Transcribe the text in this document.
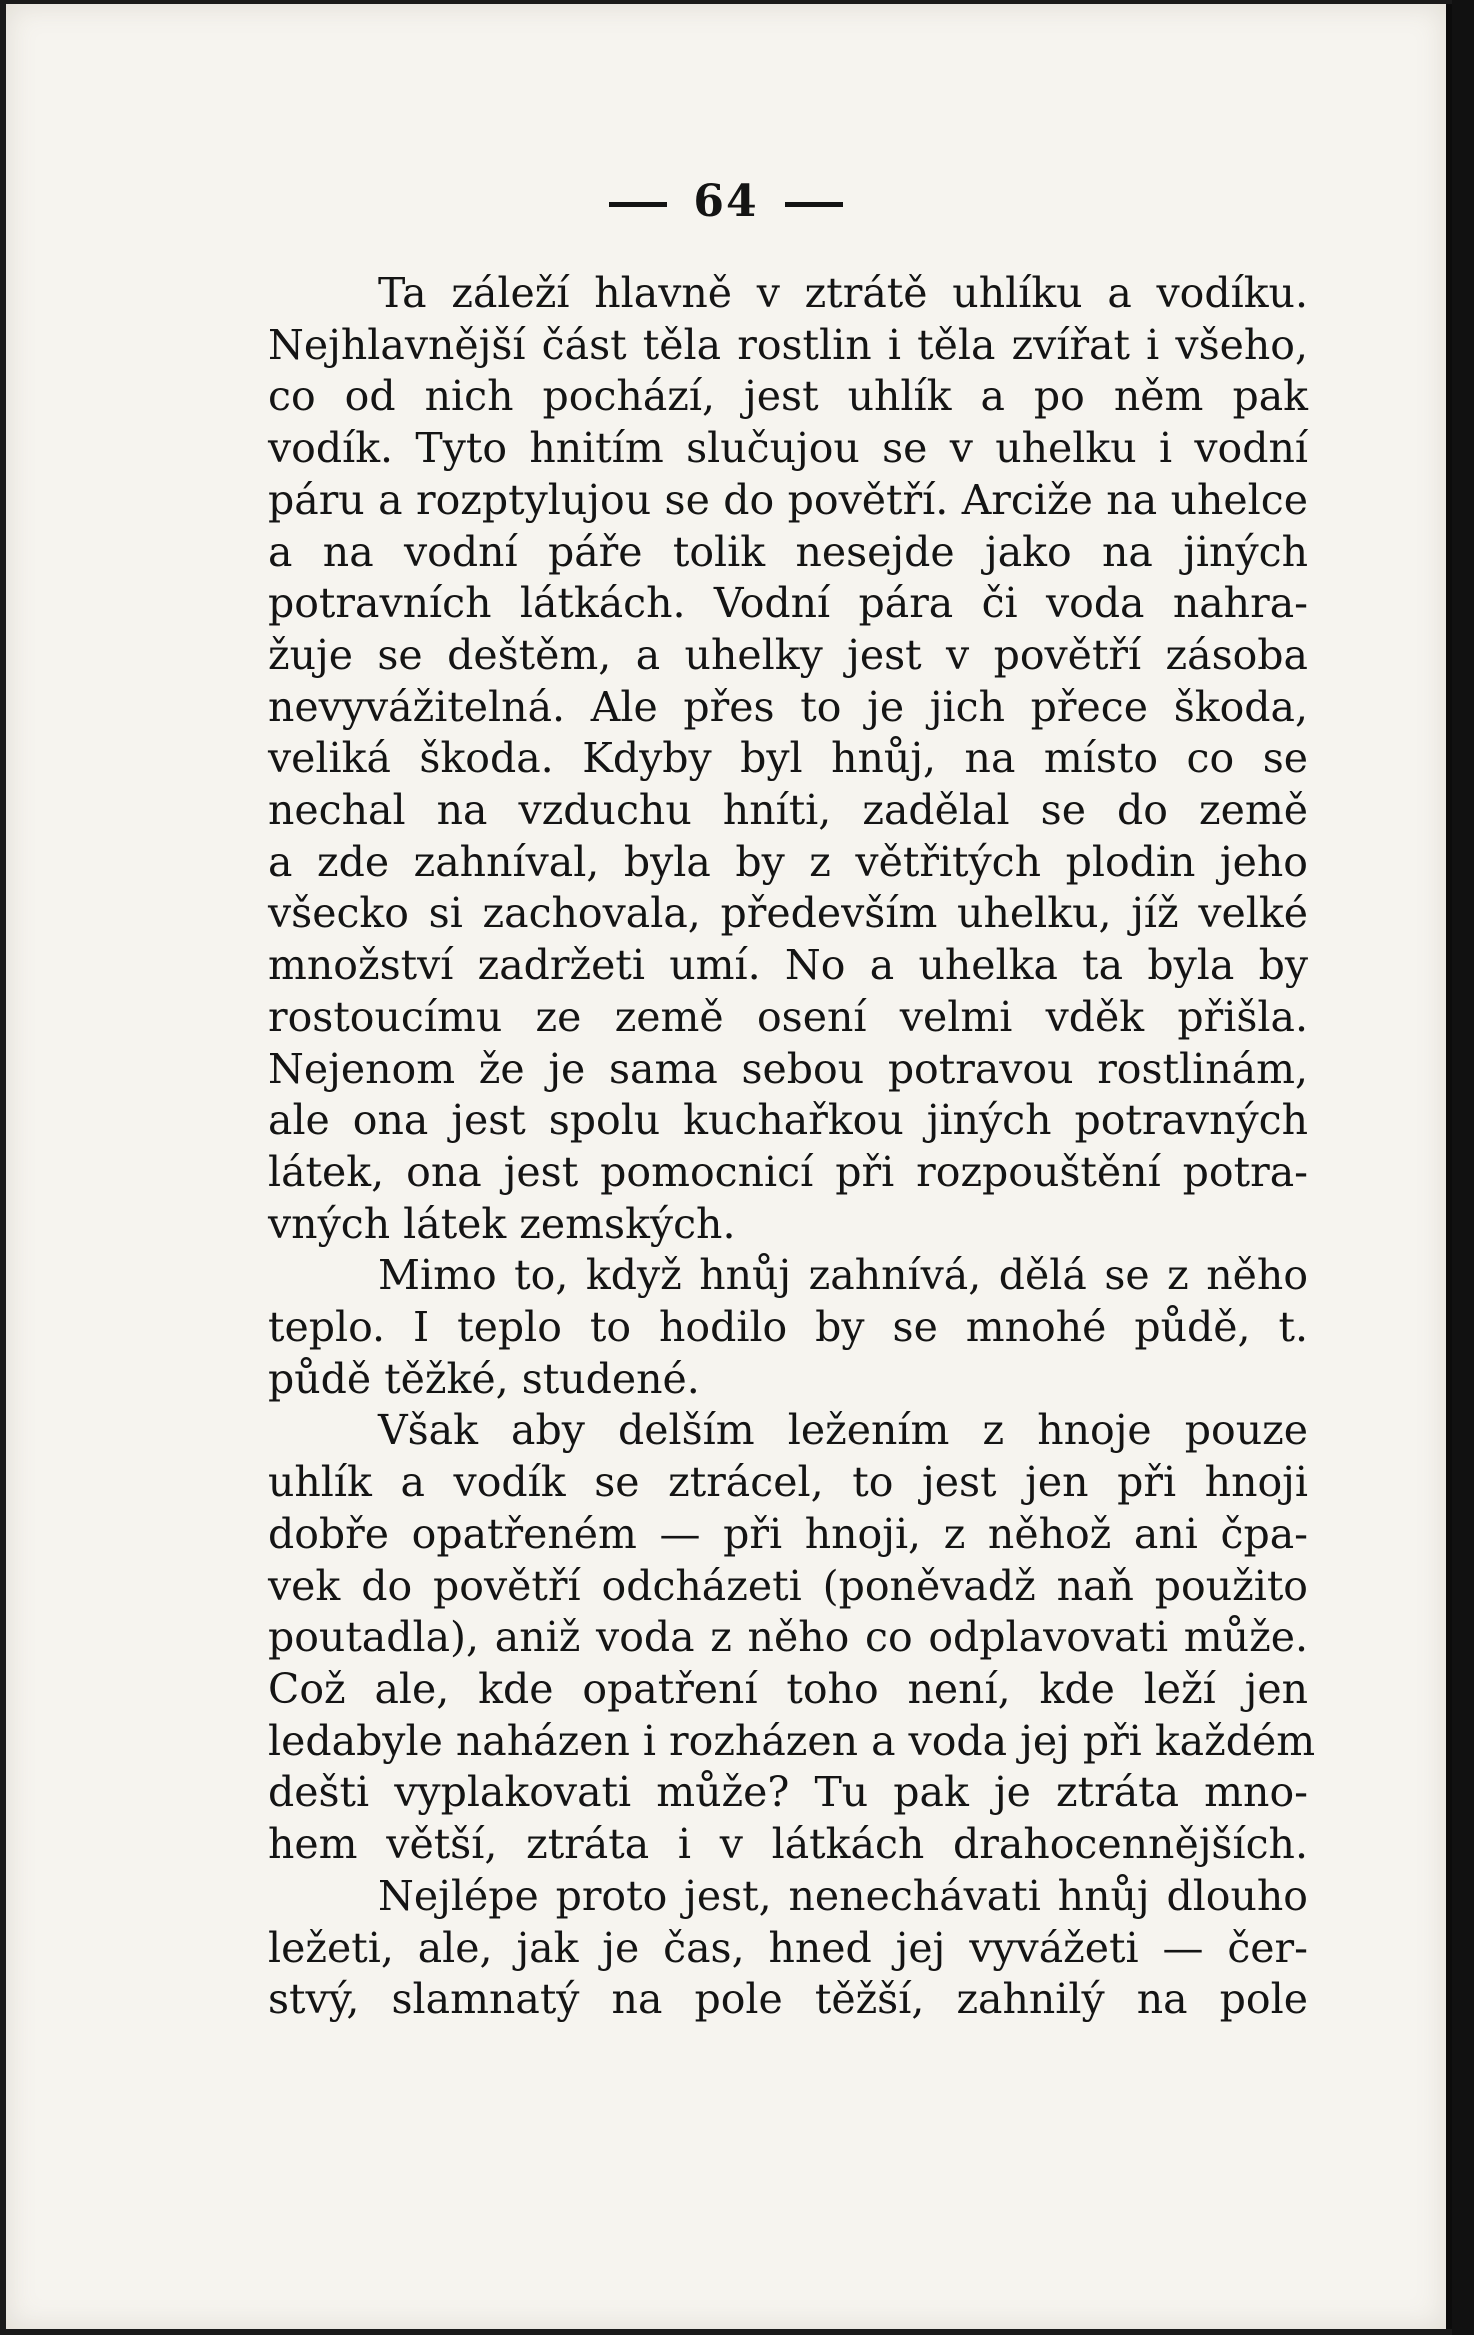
64
Ta záleží hlavně v ztrátě uhlíku a vodíku.
Nejhlavnější část těla rostlin i těla zvířat i všeho,
co od nich pochází, jest uhlík a po něm pak
vodík. Tyto hnitím slučujou se v uhelku i vodní
páru a rozptylujou se do povětří. Arciže na uhelce
a na vodní páře tolik nesejde jako na jiných
potravních látkách. Vodní pára či voda nahra-
žuje se deštěm, a uhelky jest v povětří zásoba
nevyvážitelná. Ale přes to je jich přece škoda,
veliká škoda. Kdyby byl hnůj, na místo co se
nechal na vzduchu hníti, zadělal se do země
a zde zahníval, byla by z větřitých plodin jeho
všecko si zachovala, především uhelku, jíž velké
množství zadržeti umí. No a uhelka ta byla by
rostoucímu ze země osení velmi vděk přišla.
Nejenom že je sama sebou potravou rostlinám,
ale ona jest spolu kuchařkou jiných potravných
látek, ona jest pomocnicí při rozpouštění potra-
vných látek zemských.
Mimo to, když hnůj zahnívá, dělá se z něho
teplo. I teplo to hodilo by se mnohé půdě, t.
půdě těžké, studené.
Však aby delším ležením z hnoje pouze
uhlík a vodík se ztrácel, to jest jen při hnoji
dobře opatřeném — při hnoji, z něhož ani čpa-
vek do povětří odcházeti (poněvadž naň použito
poutadla), aniž voda z něho co odplavovati může.
Což ale, kde opatření toho není, kde leží jen
ledabyle naházen i rozházen a voda jej při každém
dešti vyplakovati může? Tu pak je ztráta mno-
hem větší, ztráta i v látkách drahocennějších.
Nejlépe proto jest, nenechávati hnůj dlouho
ležeti, ale, jak je čas, hned jej vyvážeti — čer-
stvý, slamnatý na pole těžší, zahnilý na pole
